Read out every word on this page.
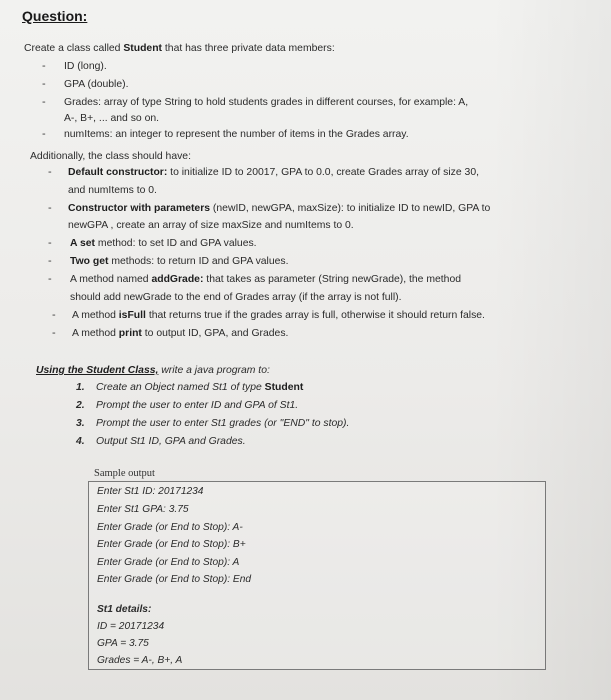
Question:
Create a class called Student that has three private data members:
- ID (long).
- GPA (double).
- Grades: array of type String to hold students grades in different courses, for example: A,
A-, B+, ... and so on.
- numItems: an integer to represent the number of items in the Grades array.
Additionally, the class should have:
- Default constructor: to initialize ID to 20017, GPA to 0.0, create Grades array of size 30,
and numItems to 0.
- Constructor with parameters (newID, newGPA, maxSize): to initialize ID to newID, GPA to
newGPA , create an array of size maxSize and numItems to 0.
- A set method: to set ID and GPA values.
- Two get methods: to return ID and GPA values.
- A method named addGrade: that takes as parameter (String newGrade), the method
should add newGrade to the end of Grades array (if the array is not full).
- A method isFull that returns true if the grades array is full, otherwise it should return false.
- A method print to output ID, GPA, and Grades.
Using the Student Class, write a java program to:
1. Create an Object named St1 of type Student
2. Prompt the user to enter ID and GPA of St1.
3. Prompt the user to enter St1 grades (or "END" to stop).
4. Output St1 ID, GPA and Grades.
Sample output
Enter St1 ID: 20171234
Enter St1 GPA: 3.75
Enter Grade (or End to Stop): A-
Enter Grade (or End to Stop): B+
Enter Grade (or End to Stop): A
Enter Grade (or End to Stop): End
St1 details:
ID = 20171234
GPA = 3.75
Grades = A-, B+, A
